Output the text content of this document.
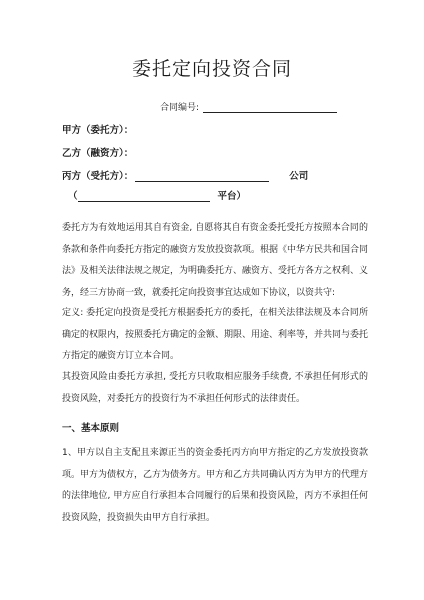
委托定向投资合同
合同编号:
甲方（委托方）：
乙方（融资方）：
丙方（受托方）：	公司
（	平台）
委托方为有效地运用其自有资金, 自愿将其自有资金委托受托方按照本合同的条款和条件向委托方指定的融资方发放投资款项。根据《中华方民共和国合同法》及相关法律法规之规定，为明确委托方、融资方、受托方各方之权利、义务，经三方协商一致，就委托定向投资事宜达成如下协议，以资共守:
定义: 委托定向投资是受托方根据委托方的委托，在相关法律法规及本合同所确定的权限内，按照委托方确定的金额、期限、用途、利率等，并共同与委托方指定的融资方订立本合同。
其投资风险由委托方承担, 受托方只收取相应服务手续费, 不承担任何形式的投资风险，对委托方的投资行为不承担任何形式的法律责任。
一、基本原则
1、甲方以自主支配且来源正当的资金委托丙方向甲方指定的乙方发放投资款项。甲方为债权方，乙方为债务方。甲方和乙方共同确认丙方为甲方的代理方的法律地位, 甲方应自行承担本合同履行的后果和投资风险，丙方不承担任何投资风险，投资损失由甲方自行承担。
